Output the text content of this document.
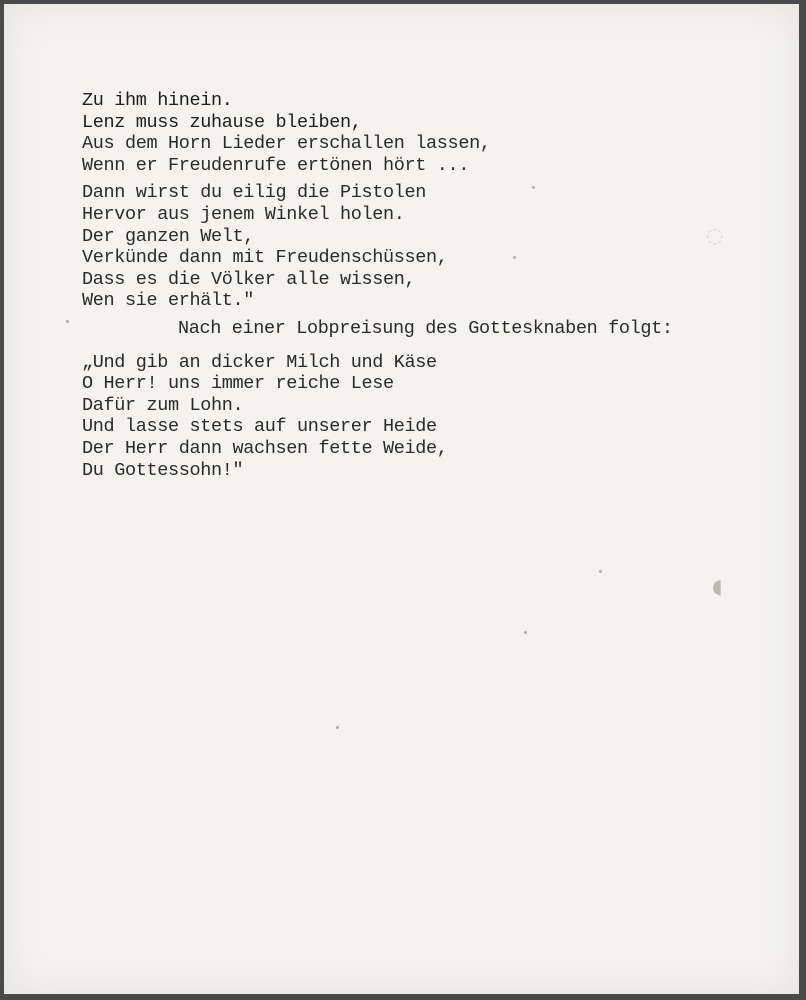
Zu ihm hinein.
Lenz muss zuhause bleiben,
Aus dem Horn Lieder erschallen lassen,
Wenn er Freudenrufe ertönen hört ...
Dann wirst du eilig die Pistolen
Hervor aus jenem Winkel holen.
Der ganzen Welt,
Verkünde dann mit Freudenschüssen,
Dass es die Völker alle wissen,
Wen sie erhält."
Nach einer Lobpreisung des Gottesknaben folgt:
„Und gib an dicker Milch und Käse
O Herr! uns immer reiche Lese
Dafür zum Lohn.
Und lasse stets auf unserer Heide
Der Herr dann wachsen fette Weide,
Du Gottessohn!"
◌
◖
